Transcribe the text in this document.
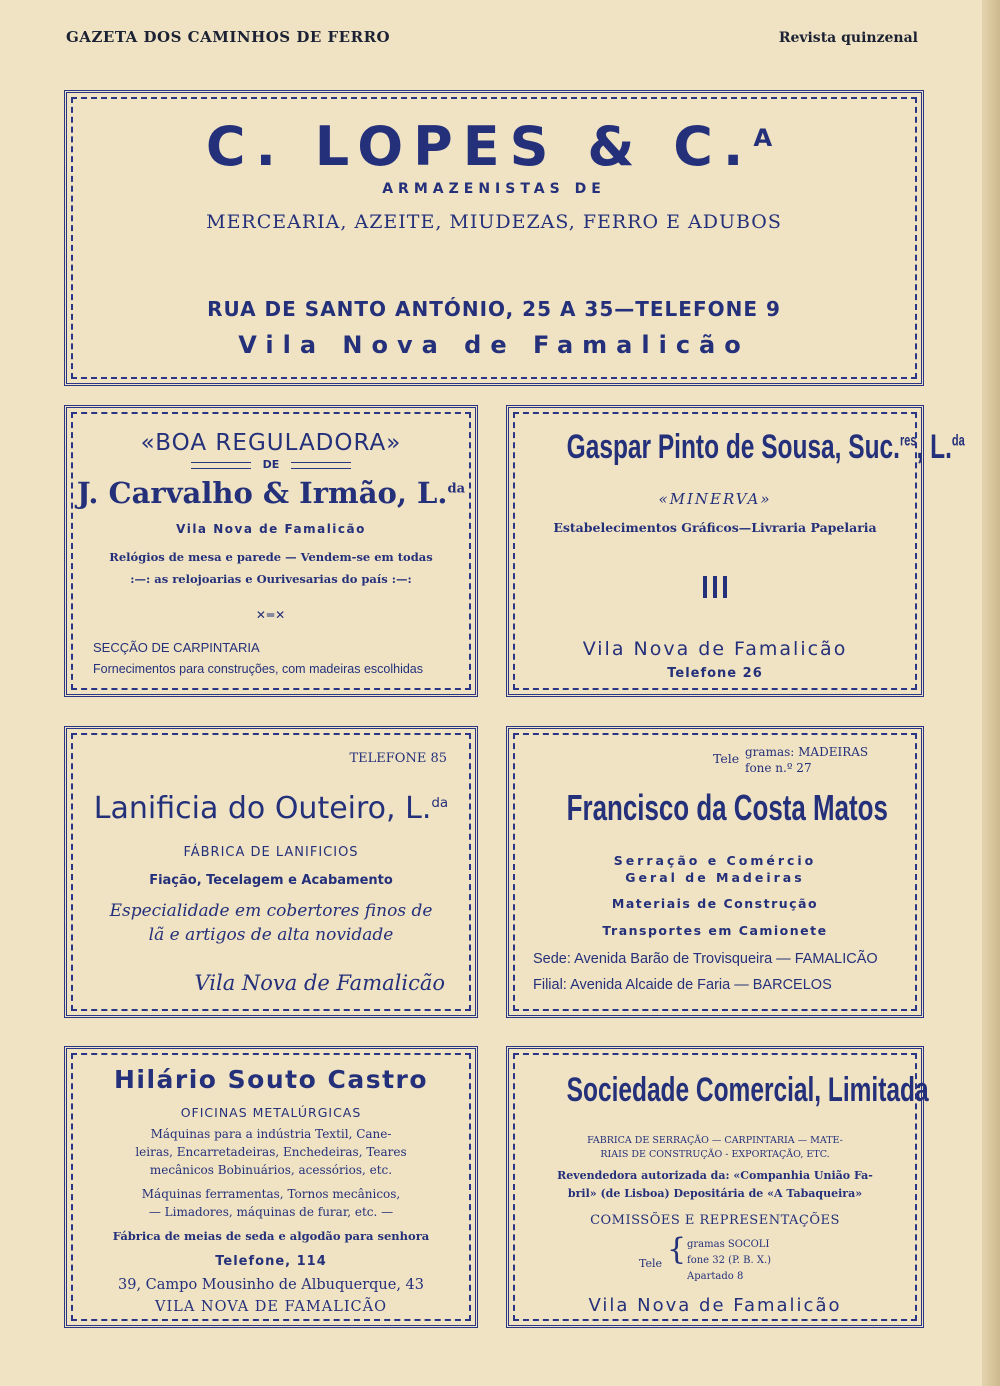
GAZETA DOS CAMINHOS DE FERRO	Revista quinzenal
C. LOPES & C.$^A$
ARMAZENISTAS DE
MERCEARIA, AZEITE, MIUDEZAS, FERRO E ADUBOS
RUA DE SANTO ANTÓNIO, 25 A 35—TELEFONE 9
Vila Nova de Famalicão
«BOA REGULADORA»
DE
J. Carvalho & Irmão, L.$^{da}$
Vila Nova de Famalicão
Relógios de mesa e parede — Vendem-se em todas
:—: as relojoarias e Ourivesarias do país :—:
✕═✕
SECÇÃO DE CARPINTARIA
Fornecimentos para construções, com madeiras escolhidas
Gaspar Pinto de Sousa, Suc.$^{res}$, L.$^{da}$
«MINERVA»
Estabelecimentos Gráficos—Livraria Papelaria
Vila Nova de Famalicão
Telefone 26
TELEFONE 85
Lanificia do Outeiro, L.$^{da}$
FÁBRICA DE LANIFICIOS
Fiação, Tecelagem e Acabamento
Especialidade em cobertores finos de
lã e artigos de alta novidade
Vila Nova de Famalicão
Tele gramas: MADEIRAS
fone n.º 27
Francisco da Costa Matos
Serração e Comércio
Geral de Madeiras
Materiais de Construção
Transportes em Camionete
Sede: Avenida Barão de Trovisqueira — FAMALICÃO
Filial: Avenida Alcaide de Faria — BARCELOS
Hilário Souto Castro
OFICINAS METALÚRGICAS
Máquinas para a indústria Textil, Cane-
leiras, Encarretadeiras, Enchedeiras, Teares
mecânicos Bobinuários, acessórios, etc.
Máquinas ferramentas, Tornos mecânicos,
— Limadores, máquinas de furar, etc. —
Fábrica de meias de seda e algodão para senhora
Telefone, 114
39, Campo Mousinho de Albuquerque, 43
VILA NOVA DE FAMALICÃO
Sociedade Comercial, Limitada
FABRICA DE SERRAÇÃO — CARPINTARIA — MATE-
RIAIS DE CONSTRUÇÃO - EXPORTAÇÃO, ETC.
Revendedora autorizada da: «Companhia União Fa-
bril» (de Lisboa) Depositária de «A Tabaqueira»
COMISSÕES E REPRESENTAÇÕES
Tele { gramas SOCOLI
fone 32 (P. B. X.)
Apartado 8
Vila Nova de Famalicão
